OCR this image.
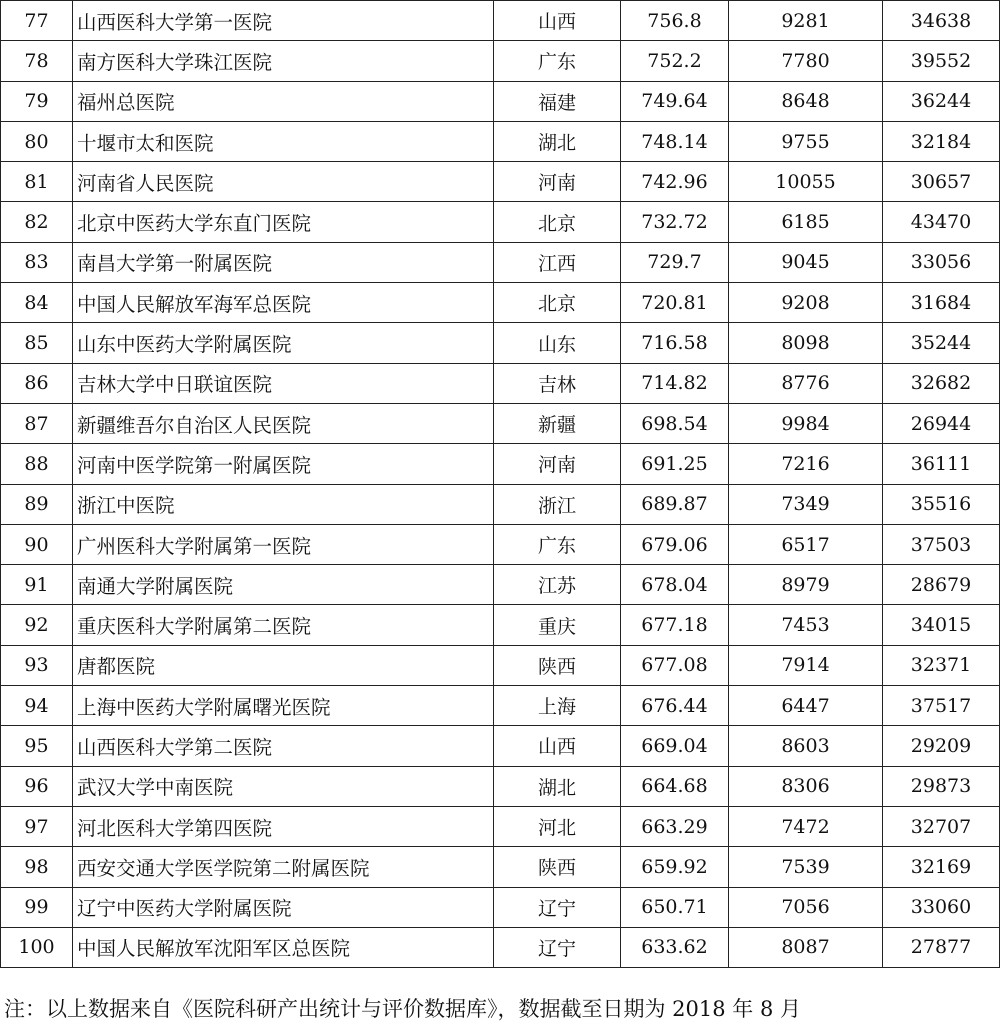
77	山西医科大学第一医院	山西	756.8	9281	34638
78	南方医科大学珠江医院	广东	752.2	7780	39552
79	福州总医院	福建	749.64	8648	36244
80	十堰市太和医院	湖北	748.14	9755	32184
81	河南省人民医院	河南	742.96	10055	30657
82	北京中医药大学东直门医院	北京	732.72	6185	43470
83	南昌大学第一附属医院	江西	729.7	9045	33056
84	中国人民解放军海军总医院	北京	720.81	9208	31684
85	山东中医药大学附属医院	山东	716.58	8098	35244
86	吉林大学中日联谊医院	吉林	714.82	8776	32682
87	新疆维吾尔自治区人民医院	新疆	698.54	9984	26944
88	河南中医学院第一附属医院	河南	691.25	7216	36111
89	浙江中医院	浙江	689.87	7349	35516
90	广州医科大学附属第一医院	广东	679.06	6517	37503
91	南通大学附属医院	江苏	678.04	8979	28679
92	重庆医科大学附属第二医院	重庆	677.18	7453	34015
93	唐都医院	陕西	677.08	7914	32371
94	上海中医药大学附属曙光医院	上海	676.44	6447	37517
95	山西医科大学第二医院	山西	669.04	8603	29209
96	武汉大学中南医院	湖北	664.68	8306	29873
97	河北医科大学第四医院	河北	663.29	7472	32707
98	西安交通大学医学院第二附属医院	陕西	659.92	7539	32169
99	辽宁中医药大学附属医院	辽宁	650.71	7056	33060
100	中国人民解放军沈阳军区总医院	辽宁	633.62	8087	27877
注：以上数据来自《医院科研产出统计与评价数据库》，数据截至日期为 2018 年 8 月
